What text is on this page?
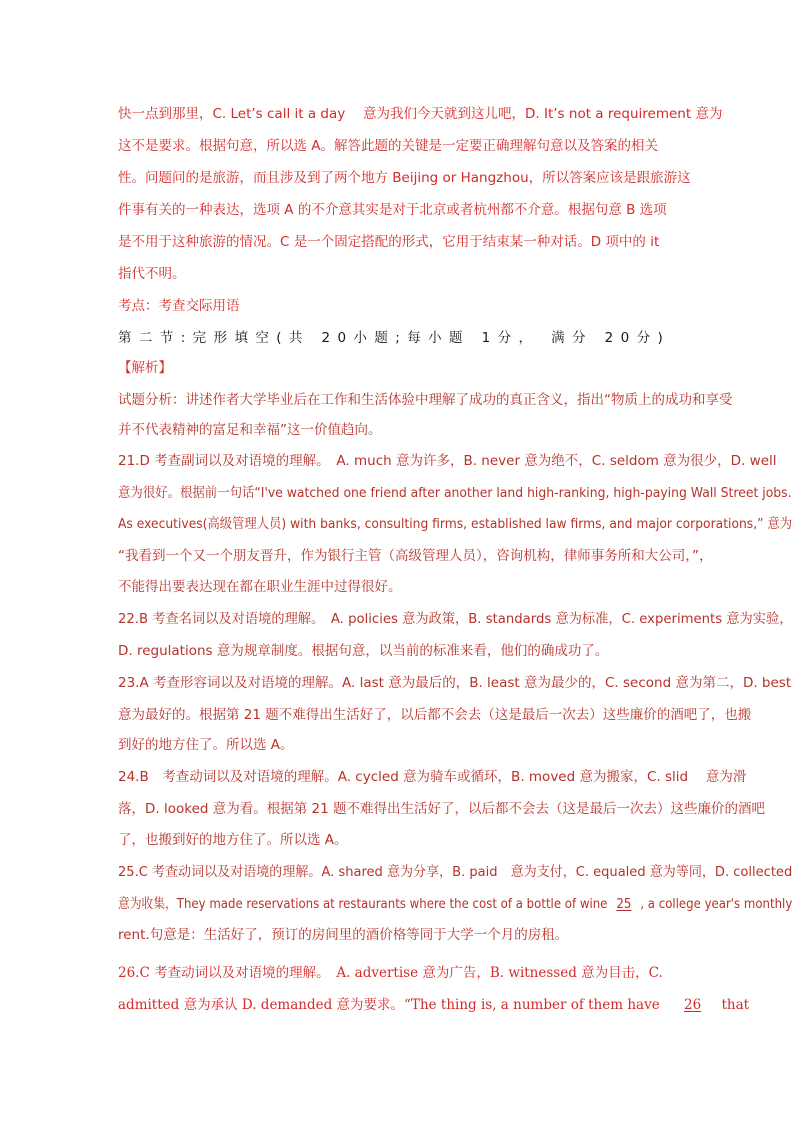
快一点到那里，C. Let’s call it a day　 意为我们今天就到这儿吧，D. It’s not a requirement 意为
这不是要求。根据句意，所以选 A。解答此题的关键是一定要正确理解句意以及答案的相关
性。问题问的是旅游，而且涉及到了两个地方 Beijing or Hangzhou，所以答案应该是跟旅游这
件事有关的一种表达，选项 A 的不介意其实是对于北京或者杭州都不介意。根据句意 B 选项
是不用于这种旅游的情况。C 是一个固定搭配的形式，它用于结束某一种对话。D 项中的 it
指代不明。
考点：考查交际用语
第二节:完形填空(共 20小题;每小题 1分， 满分 20分)
【解析】
试题分析：讲述作者大学毕业后在工作和生活体验中理解了成功的真正含义，指出“物质上的成功和享受
并不代表精神的富足和幸福”这一价值趋向。
21.D 考查副词以及对语境的理解。　A. much 意为许多，B. never 意为绝不，C. seldom 意为很少，D. well
意为很好。根据前一句话“I've watched one friend after another land high-ranking, high-paying Wall Street jobs.
As executives(高级管理人员) with banks, consulting firms, established law firms, and major corporations,” 意为
“我看到一个又一个朋友晋升，作为银行主管（高级管理人员），咨询机构，律师事务所和大公司，”，
不能得出要表达现在都在职业生涯中过得很好。
22.B 考查名词以及对语境的理解。　A. policies 意为政策，B. standards 意为标准，C. experiments 意为实验，
D. regulations 意为规章制度。根据句意，以当前的标准来看，他们的确成功了。
23.A 考查形容词以及对语境的理解。A. last 意为最后的，B. least 意为最少的，C. second 意为第二，D. best
意为最好的。根据第 21 题不难得出生活好了，以后都不会去（这是最后一次去）这些廉价的酒吧了，也搬
到好的地方住了。所以选 A。
24.B　考查动词以及对语境的理解。A. cycled 意为骑车或循环，B. moved 意为搬家，C. slid　 意为滑
落，D. looked 意为看。根据第 21 题不难得出生活好了，以后都不会去（这是最后一次去）这些廉价的酒吧
了，也搬到好的地方住了。所以选 A。
25.C 考查动词以及对语境的理解。A. shared 意为分享，B. paid　意为支付，C. equaled 意为等同，D. collected
意为收集，They made reservations at restaurants where the cost of a bottle of wine 25 , a college year's monthly
rent.句意是：生活好了，预订的房间里的酒价格等同于大学一个月的房租。
26.C 考查动词以及对语境的理解。　A. advertise 意为广告，B. witnessed 意为目击，C.
admitted 意为承认 D. demanded 意为要求。“The thing is, a number of them have 26 that
